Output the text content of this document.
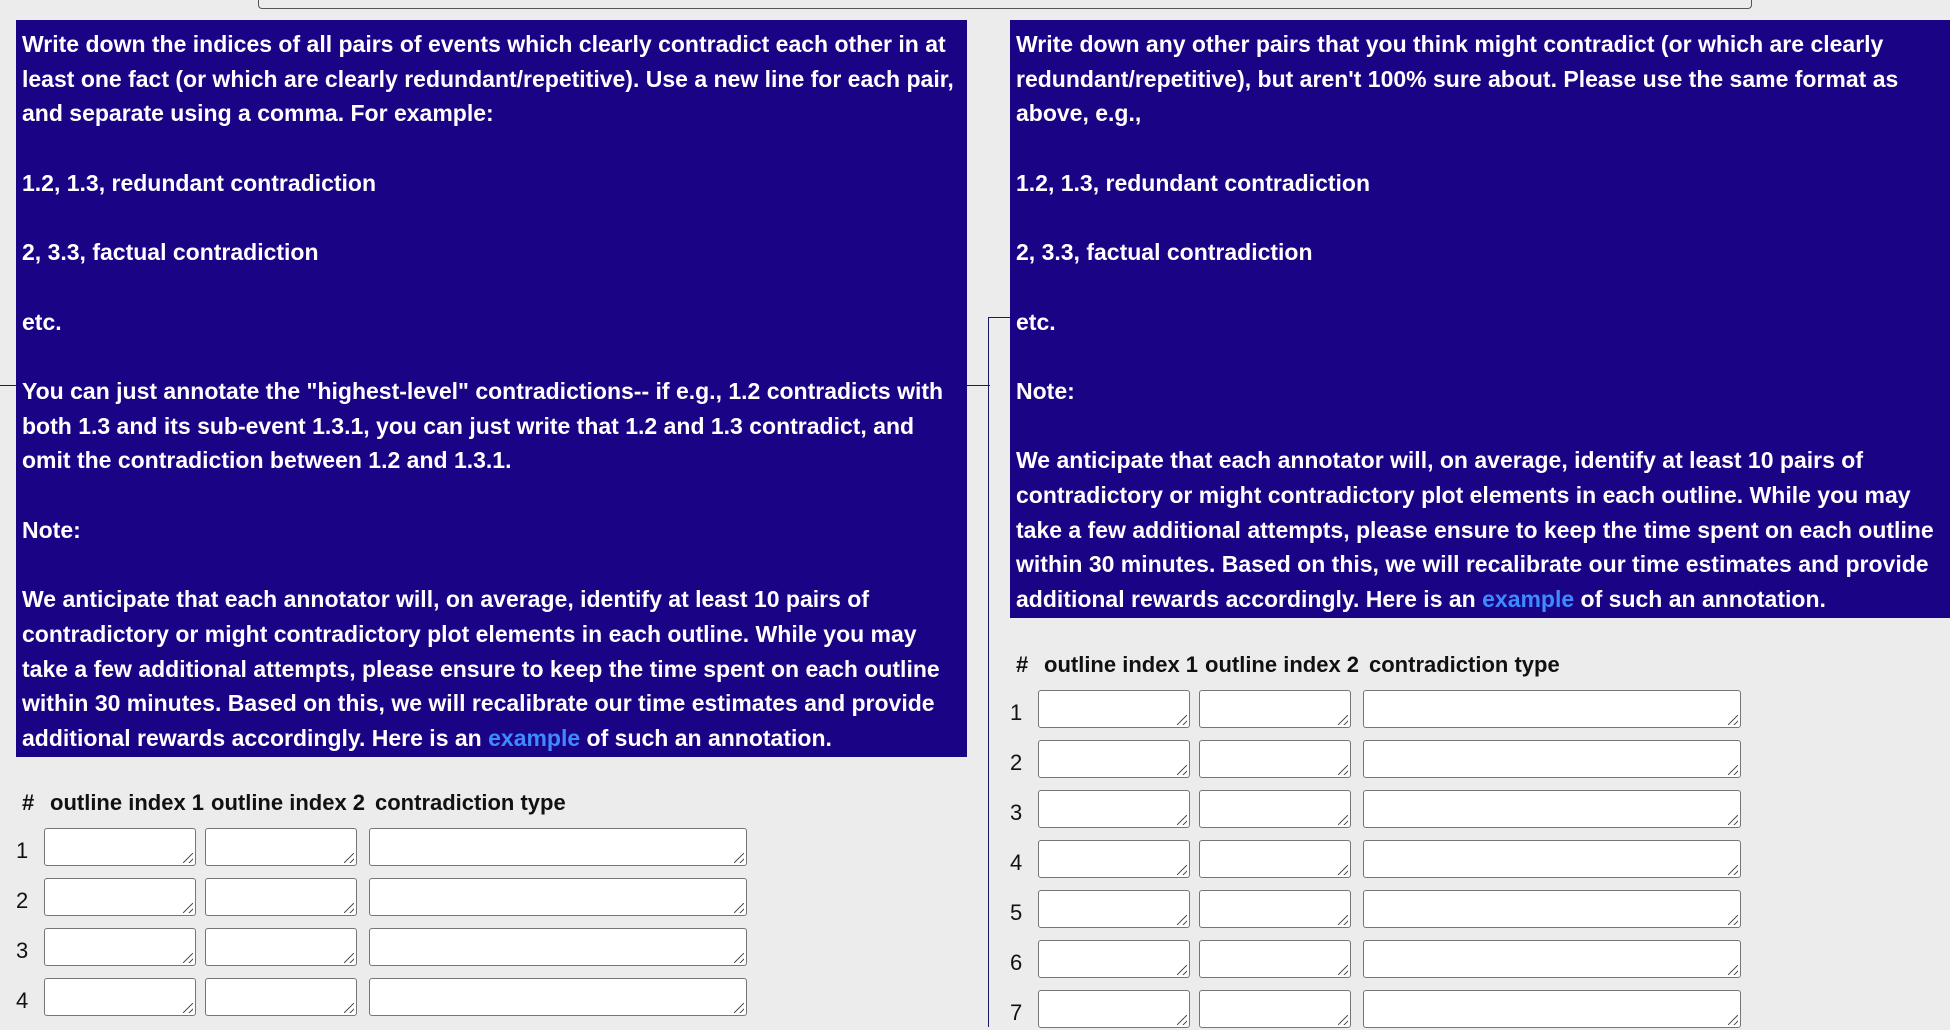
Write down the indices of all pairs of events which clearly contradict each other in at least one fact (or which are clearly redundant/repetitive). Use a new line for each pair, and separate using a comma. For example:

1.2, 1.3, redundant contradiction

2, 3.3, factual contradiction

etc.

You can just annotate the "highest-level" contradictions-- if e.g., 1.2 contradicts with both 1.3 and its sub-event 1.3.1, you can just write that 1.2 and 1.3 contradict, and omit the contradiction between 1.2 and 1.3.1.

Note:

We anticipate that each annotator will, on average, identify at least 10 pairs of contradictory or might contradictory plot elements in each outline. While you may take a few additional attempts, please ensure to keep the time spent on each outline within 30 minutes. Based on this, we will recalibrate our time estimates and provide additional rewards accordingly. Here is an example of such an annotation.

Write down any other pairs that you think might contradict (or which are clearly redundant/repetitive), but aren't 100% sure about. Please use the same format as above, e.g.,

1.2, 1.3, redundant contradiction

2, 3.3, factual contradiction

etc.

Note:

We anticipate that each annotator will, on average, identify at least 10 pairs of contradictory or might contradictory plot elements in each outline. While you may take a few additional attempts, please ensure to keep the time spent on each outline within 30 minutes. Based on this, we will recalibrate our time estimates and provide additional rewards accordingly. Here is an example of such an annotation.

# outline index 1 outline index 2 contradiction type
1
2
3
4
# outline index 1 outline index 2 contradiction type
1
2
3
4
5
6
7
